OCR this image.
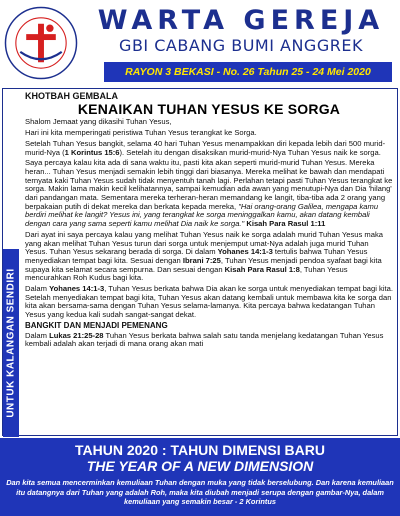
WARTA GEREJA
GBI CABANG BUMI ANGGREK
RAYON 3 BEKASI - No. 26 Tahun 25 - 24 Mei 2020
UNTUK KALANGAN SENDIRI
KHOTBAH GEMBALA
KENAIKAN TUHAN YESUS KE SORGA

Shalom Jemaat yang dikasihi Tuhan Yesus,

Hari ini kita memperingati peristiwa Tuhan Yesus terangkat ke Sorga.

Setelah Tuhan Yesus bangkit, selama 40 hari Tuhan Yesus menampakkan diri kepada lebih dari 500 murid-murid-Nya (1 Korintus 15:6). Setelah itu dengan disaksikan murid-murid-Nya Tuhan Yesus naik ke sorga.

Saya percaya kalau kita ada di sana waktu itu, pasti kita akan seperti murid-murid Tuhan Yesus. Mereka heran... Tuhan Yesus menjadi semakin lebih tinggi dari biasanya. Mereka melihat ke bawah dan mendapati ternyata kaki Tuhan Yesus sudah tidak menyentuh tanah lagi. Perlahan tetapi pasti Tuhan Yesus terangkat ke sorga. Makin lama makin kecil kelihatannya, sampai kemudian ada awan yang menutupi-Nya dan Dia 'hilang' dari pandangan mata. Sementara mereka terheran-heran memandang ke langit, tiba-tiba ada 2 orang yang berpakaian putih di dekat mereka dan berkata kepada mereka, "Hai orang-orang Galilea, mengapa kamu berdiri melihat ke langit? Yesus ini, yang terangkat ke sorga meninggalkan kamu, akan datang kembali dengan cara yang sama seperti kamu melihat Dia naik ke sorga." Kisah Para Rasul 1:11

Dari ayat ini saya percaya kalau yang melihat Tuhan Yesus naik ke sorga adalah murid Tuhan Yesus maka yang akan melihat Tuhan Yesus turun dari sorga untuk menjemput umat-Nya adalah juga murid Tuhan Yesus. Tuhan Yesus sekarang berada di sorga. Di dalam Yohanes 14:1-3 tertulis bahwa Tuhan Yesus menyediakan tempat bagi kita. Sesuai dengan Ibrani 7:25, Tuhan Yesus menjadi pendoa syafaat bagi kita supaya kita selamat secara sempurna. Dan sesuai dengan Kisah Para Rasul 1:8, Tuhan Yesus mencurahkan Roh Kudus bagi kita.

Dalam Yohanes 14:1-3, Tuhan Yesus berkata bahwa Dia akan ke sorga untuk menyediakan tempat bagi kita. Setelah menyediakan tempat bagi kita, Tuhan Yesus akan datang kembali untuk membawa kita ke sorga dan kita akan bersama-sama dengan Tuhan Yesus selama-lamanya. Kita percaya bahwa kedatangan Tuhan Yesus yang kedua kali sudah sangat-sangat dekat.

BANGKIT DAN MENJADI PEMENANG

Dalam Lukas 21:25-28 Tuhan Yesus berkata bahwa salah satu tanda menjelang kedatangan Tuhan Yesus kembali adalah akan terjadi di mana orang akan mati

TAHUN 2020 : TAHUN DIMENSI BARU
THE YEAR OF A NEW DIMENSION
Dan kita semua mencerminkan kemuliaan Tuhan dengan muka yang tidak berselubung. Dan karena kemuliaan itu datangnya dari Tuhan yang adalah Roh, maka kita diubah menjadi serupa dengan gambar-Nya, dalam kemuliaan yang semakin besar - 2 Korintus
